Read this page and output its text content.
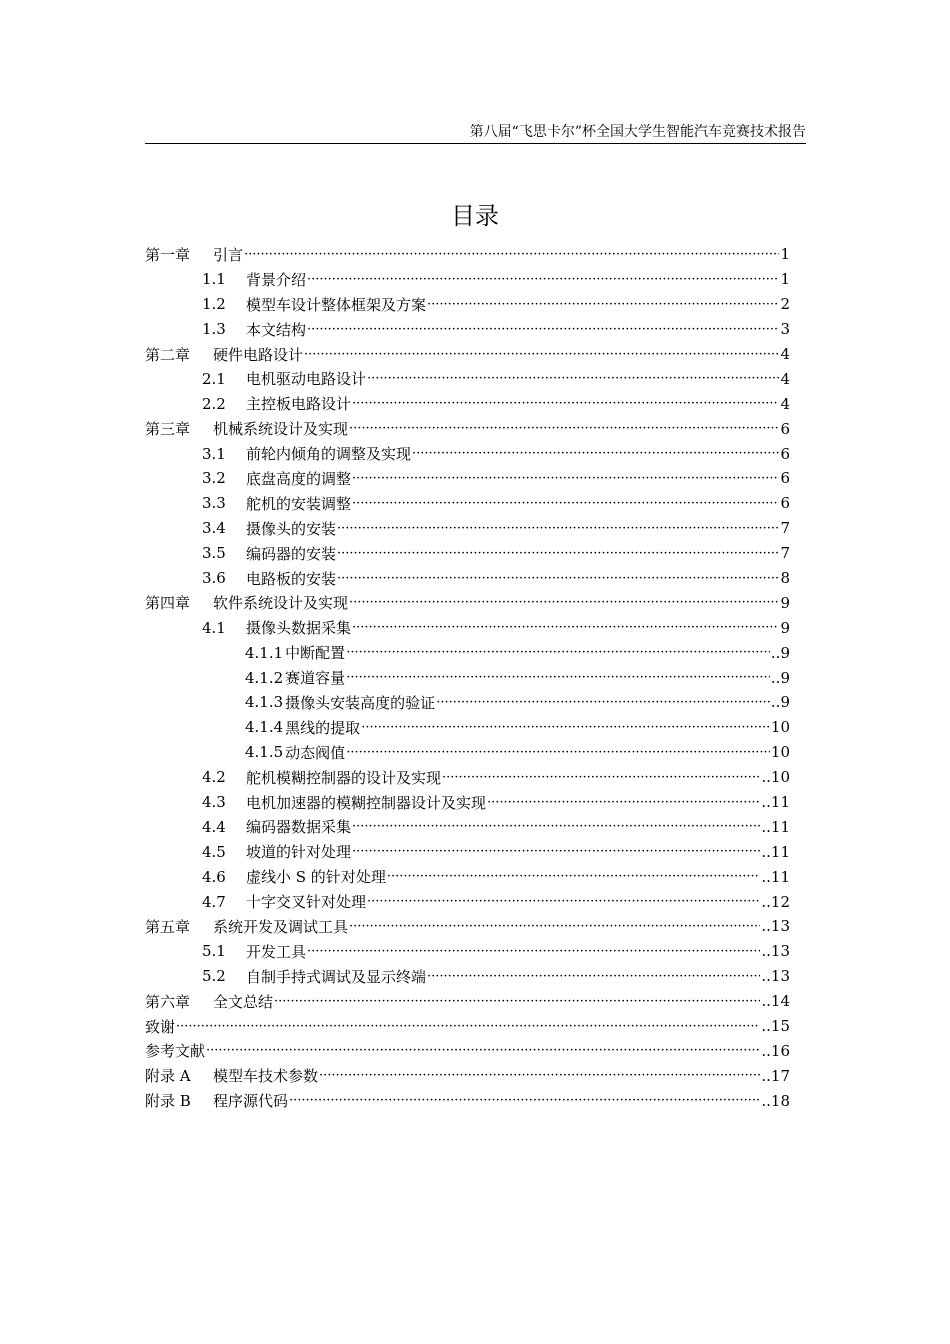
第八届“飞思卡尔”杯全国大学生智能汽车竞赛技术报告
目录
第一章	引言 ·····	1
1.1	背景介绍 ·····	1
1.2	模型车设计整体框架及方案 ·····	2
1.3	本文结构 ·····	3
第二章	硬件电路设计 ·····	4
2.1	电机驱动电路设计 ·····	4
2.2	主控板电路设计 ·····	4
第三章	机械系统设计及实现 ·····	6
3.1	前轮内倾角的调整及实现 ·····	6
3.2	底盘高度的调整 ·····	6
3.3	舵机的安装调整 ·····	6
3.4	摄像头的安装 ·····	7
3.5	编码器的安装 ·····	7
3.6	电路板的安装 ·····	8
第四章	软件系统设计及实现 ·····	9
4.1	摄像头数据采集 ·····	9
4.1.1 中断配置 ·····	..9
4.1.2 赛道容量 ·····	..9
4.1.3 摄像头安装高度的验证 ·····	..9
4.1.4 黑线的提取 ·····	10
4.1.5 动态阀值 ·····	10
4.2	舵机模糊控制器的设计及实现 ·····	..10
4.3	电机加速器的模糊控制器设计及实现 ·····	..11
4.4	编码器数据采集 ·····	..11
4.5	坡道的针对处理 ·····	..11
4.6	虚线小 S 的针对处理 ·····	..11
4.7	十字交叉针对处理 ·····	..12
第五章	系统开发及调试工具 ·····	..13
5.1	开发工具 ·····	..13
5.2	自制手持式调试及显示终端 ·····	..13
第六章	全文总结 ·····	..14
致谢 ·····	..15
参考文献 ·····	..16
附录 A	模型车技术参数 ·····	..17
附录 B	程序源代码 ·····	..18
